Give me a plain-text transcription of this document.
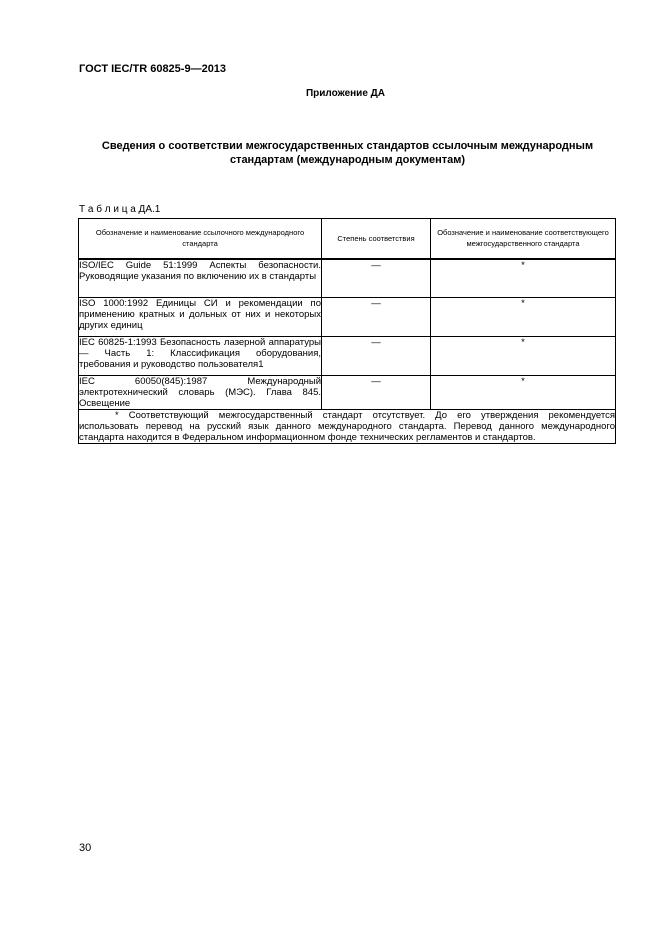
ГОСТ IEC/TR 60825-9—2013
Приложение ДА
Сведения о соответствии межгосударственных стандартов ссылочным международным стандартам (международным документам)
Т а б л и ц а ДА.1
Обозначение и наименование ссылочного международного стандарта	Степень соответствия	Обозначение и наименование соответствующего межгосударственного стандарта
ISO/IEC Guide 51:1999 Аспекты безопасности. Руководящие указания по включению их в стандарты	—	*
ISO 1000:1992 Единицы СИ и рекомендации по применению кратных и дольных от них и некоторых других единиц	—	*
IEC 60825-1:1993 Безопасность лазерной аппаратуры — Часть 1: Классификация оборудования, требования и руководство пользователя1	—	*
IEC 60050(845):1987 Международный электротехнический словарь (МЭС). Глава 845. Освещение	—	*

* Соответствующий межгосударственный стандарт отсутствует. До его утверждения рекомендуется использовать перевод на русский язык данного международного стандарта. Перевод данного международного стандарта находится в Федеральном информационном фонде технических регламентов и стандартов.		
30
